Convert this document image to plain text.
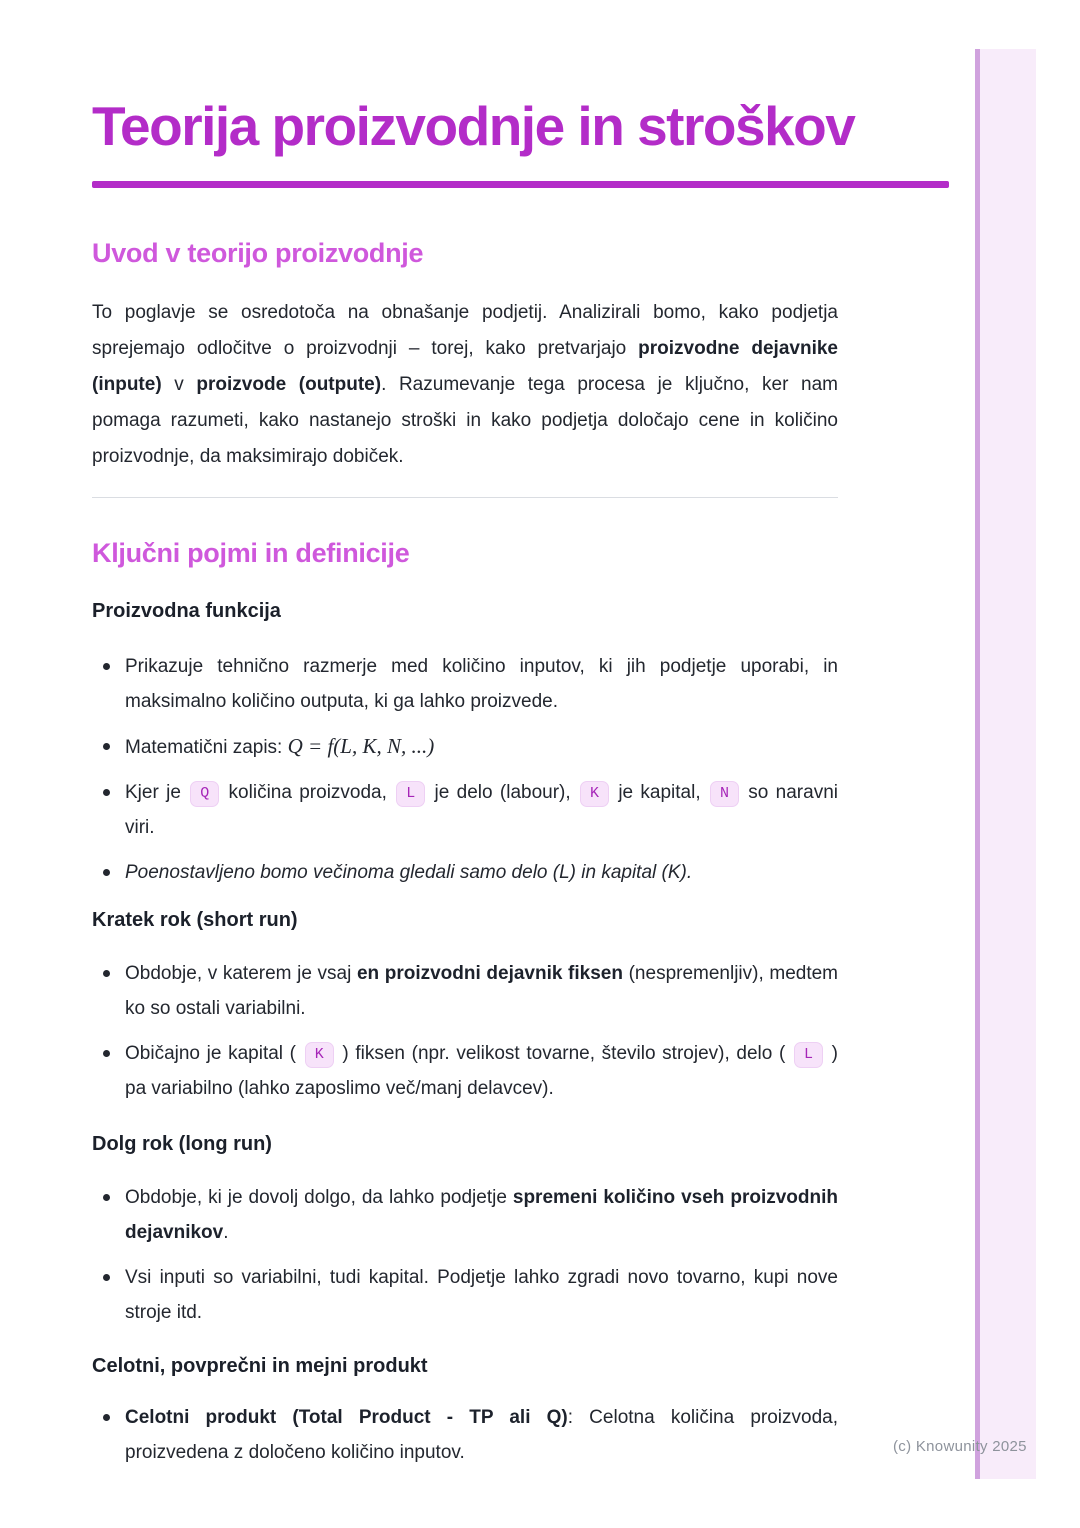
Teorija proizvodnje in stroškov
Uvod v teorijo proizvodnje

To poglavje se osredotoča na obnašanje podjetij. Analizirali bomo, kako podjetja sprejemajo odločitve o proizvodnji – torej, kako pretvarjajo proizvodne dejavnike (inpute) v proizvode (outpute). Razumevanje tega procesa je ključno, ker nam pomaga razumeti, kako nastanejo stroški in kako podjetja določajo cene in količino proizvodnje, da maksimirajo dobiček.

Ključni pojmi in definicije
Proizvodna funkcija
Prikazuje tehnično razmerje med količino inputov, ki jih podjetje uporabi, in maksimalno količino outputa, ki ga lahko proizvede.
Matematični zapis: Q = f(L, K, N, ...)
Kjer je Q količina proizvoda, L je delo (labour), K je kapital, N so naravni viri.
Poenostavljeno bomo večinoma gledali samo delo (L) in kapital (K).
Kratek rok (short run)
Obdobje, v katerem je vsaj en proizvodni dejavnik fiksen (nespremenljiv), medtem ko so ostali variabilni.
Običajno je kapital ( K ) fiksen (npr. velikost tovarne, število strojev), delo ( L ) pa variabilno (lahko zaposlimo več/manj delavcev).
Dolg rok (long run)
Obdobje, ki je dovolj dolgo, da lahko podjetje spremeni količino vseh proizvodnih dejavnikov.
Vsi inputi so variabilni, tudi kapital. Podjetje lahko zgradi novo tovarno, kupi nove stroje itd.
Celotni, povprečni in mejni produkt
Celotni produkt (Total Product - TP ali Q): Celotna količina proizvoda, proizvedena z določeno količino inputov.	(c) Knowunity 2025
